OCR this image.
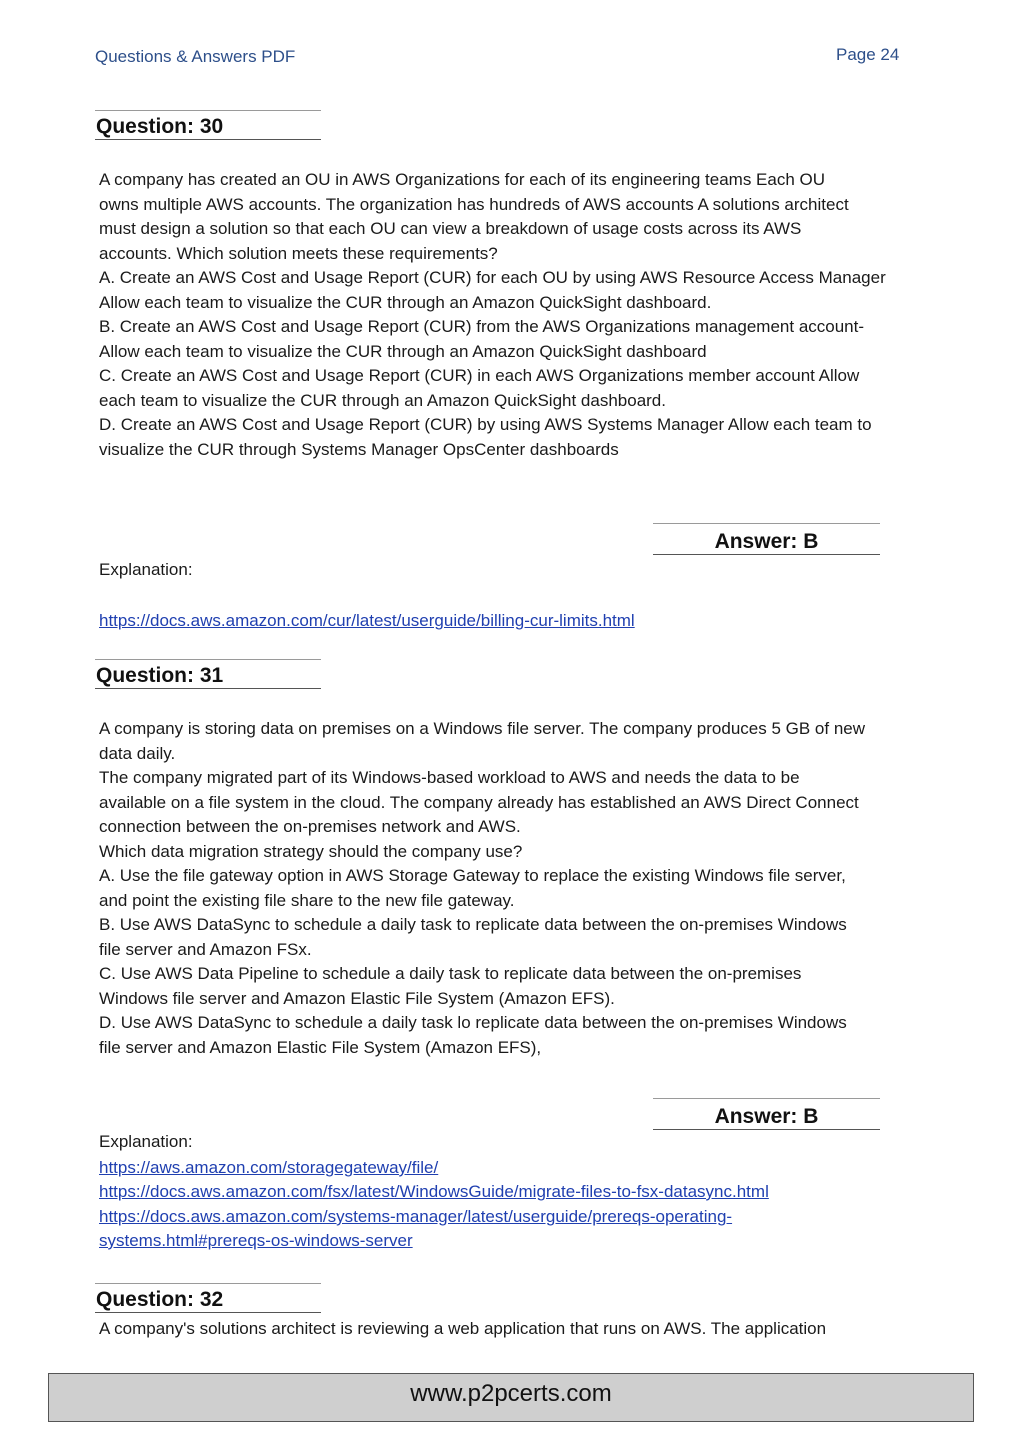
Questions & Answers PDF	Page 24
Question: 30

A company has created an OU in AWS Organizations for each of its engineering teams Each OU

owns multiple AWS accounts. The organization has hundreds of AWS accounts A solutions architect

must design a solution so that each OU can view a breakdown of usage costs across its AWS

accounts. Which solution meets these requirements?

A. Create an AWS Cost and Usage Report (CUR) for each OU by using AWS Resource Access Manager

Allow each team to visualize the CUR through an Amazon QuickSight dashboard.

B. Create an AWS Cost and Usage Report (CUR) from the AWS Organizations management account-

Allow each team to visualize the CUR through an Amazon QuickSight dashboard

C. Create an AWS Cost and Usage Report (CUR) in each AWS Organizations member account Allow

each team to visualize the CUR through an Amazon QuickSight dashboard.

D. Create an AWS Cost and Usage Report (CUR) by using AWS Systems Manager Allow each team to

visualize the CUR through Systems Manager OpsCenter dashboards

Answer: B
Explanation:
https://docs.aws.amazon.com/cur/latest/userguide/billing-cur-limits.html
Question: 31

A company is storing data on premises on a Windows file server. The company produces 5 GB of new

data daily.

The company migrated part of its Windows-based workload to AWS and needs the data to be

available on a file system in the cloud. The company already has established an AWS Direct Connect

connection between the on-premises network and AWS.

Which data migration strategy should the company use?

A. Use the file gateway option in AWS Storage Gateway to replace the existing Windows file server,

and point the existing file share to the new file gateway.

B. Use AWS DataSync to schedule a daily task to replicate data between the on-premises Windows

file server and Amazon FSx.

C. Use AWS Data Pipeline to schedule a daily task to replicate data between the on-premises

Windows file server and Amazon Elastic File System (Amazon EFS).

D. Use AWS DataSync to schedule a daily task lo replicate data between the on-premises Windows

file server and Amazon Elastic File System (Amazon EFS),

Answer: B
Explanation:
https://aws.amazon.com/storagegateway/file/
https://docs.aws.amazon.com/fsx/latest/WindowsGuide/migrate-files-to-fsx-datasync.html
https://docs.aws.amazon.com/systems-manager/latest/userguide/prereqs-operating-
systems.html#prereqs-os-windows-server
Question: 32

A company's solutions architect is reviewing a web application that runs on AWS. The application

www.p2pcerts.com
